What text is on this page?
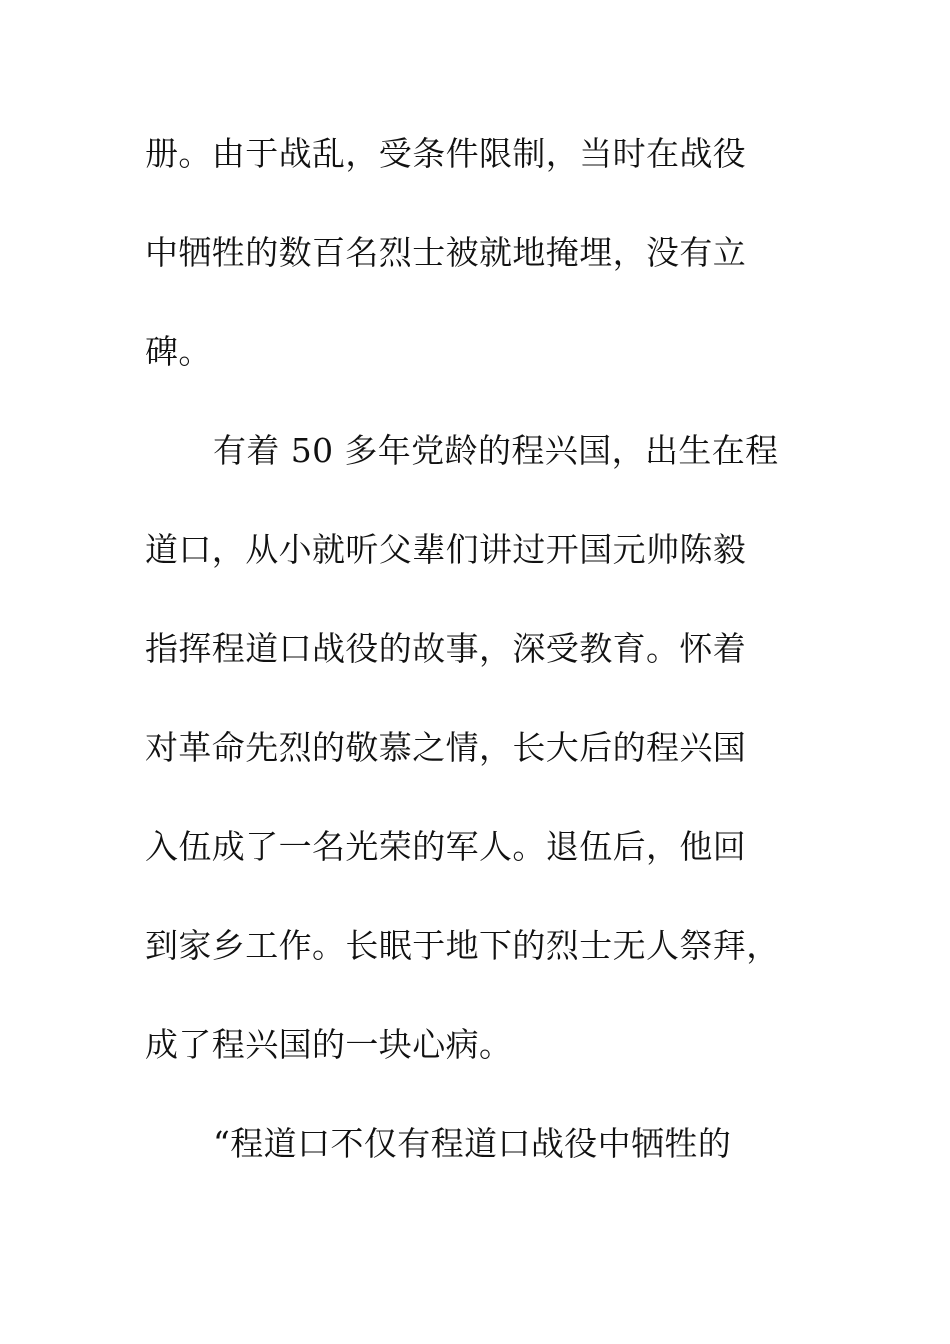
册。由于战乱，受条件限制，当时在战役
中牺牲的数百名烈士被就地掩埋，没有立
碑。
有着 50 多年党龄的程兴国，出生在程
道口，从小就听父辈们讲过开国元帅陈毅
指挥程道口战役的故事，深受教育。怀着
对革命先烈的敬慕之情，长大后的程兴国
入伍成了一名光荣的军人。退伍后，他回
到家乡工作。长眠于地下的烈士无人祭拜，
成了程兴国的一块心病。
“程道口不仅有程道口战役中牺牲的
